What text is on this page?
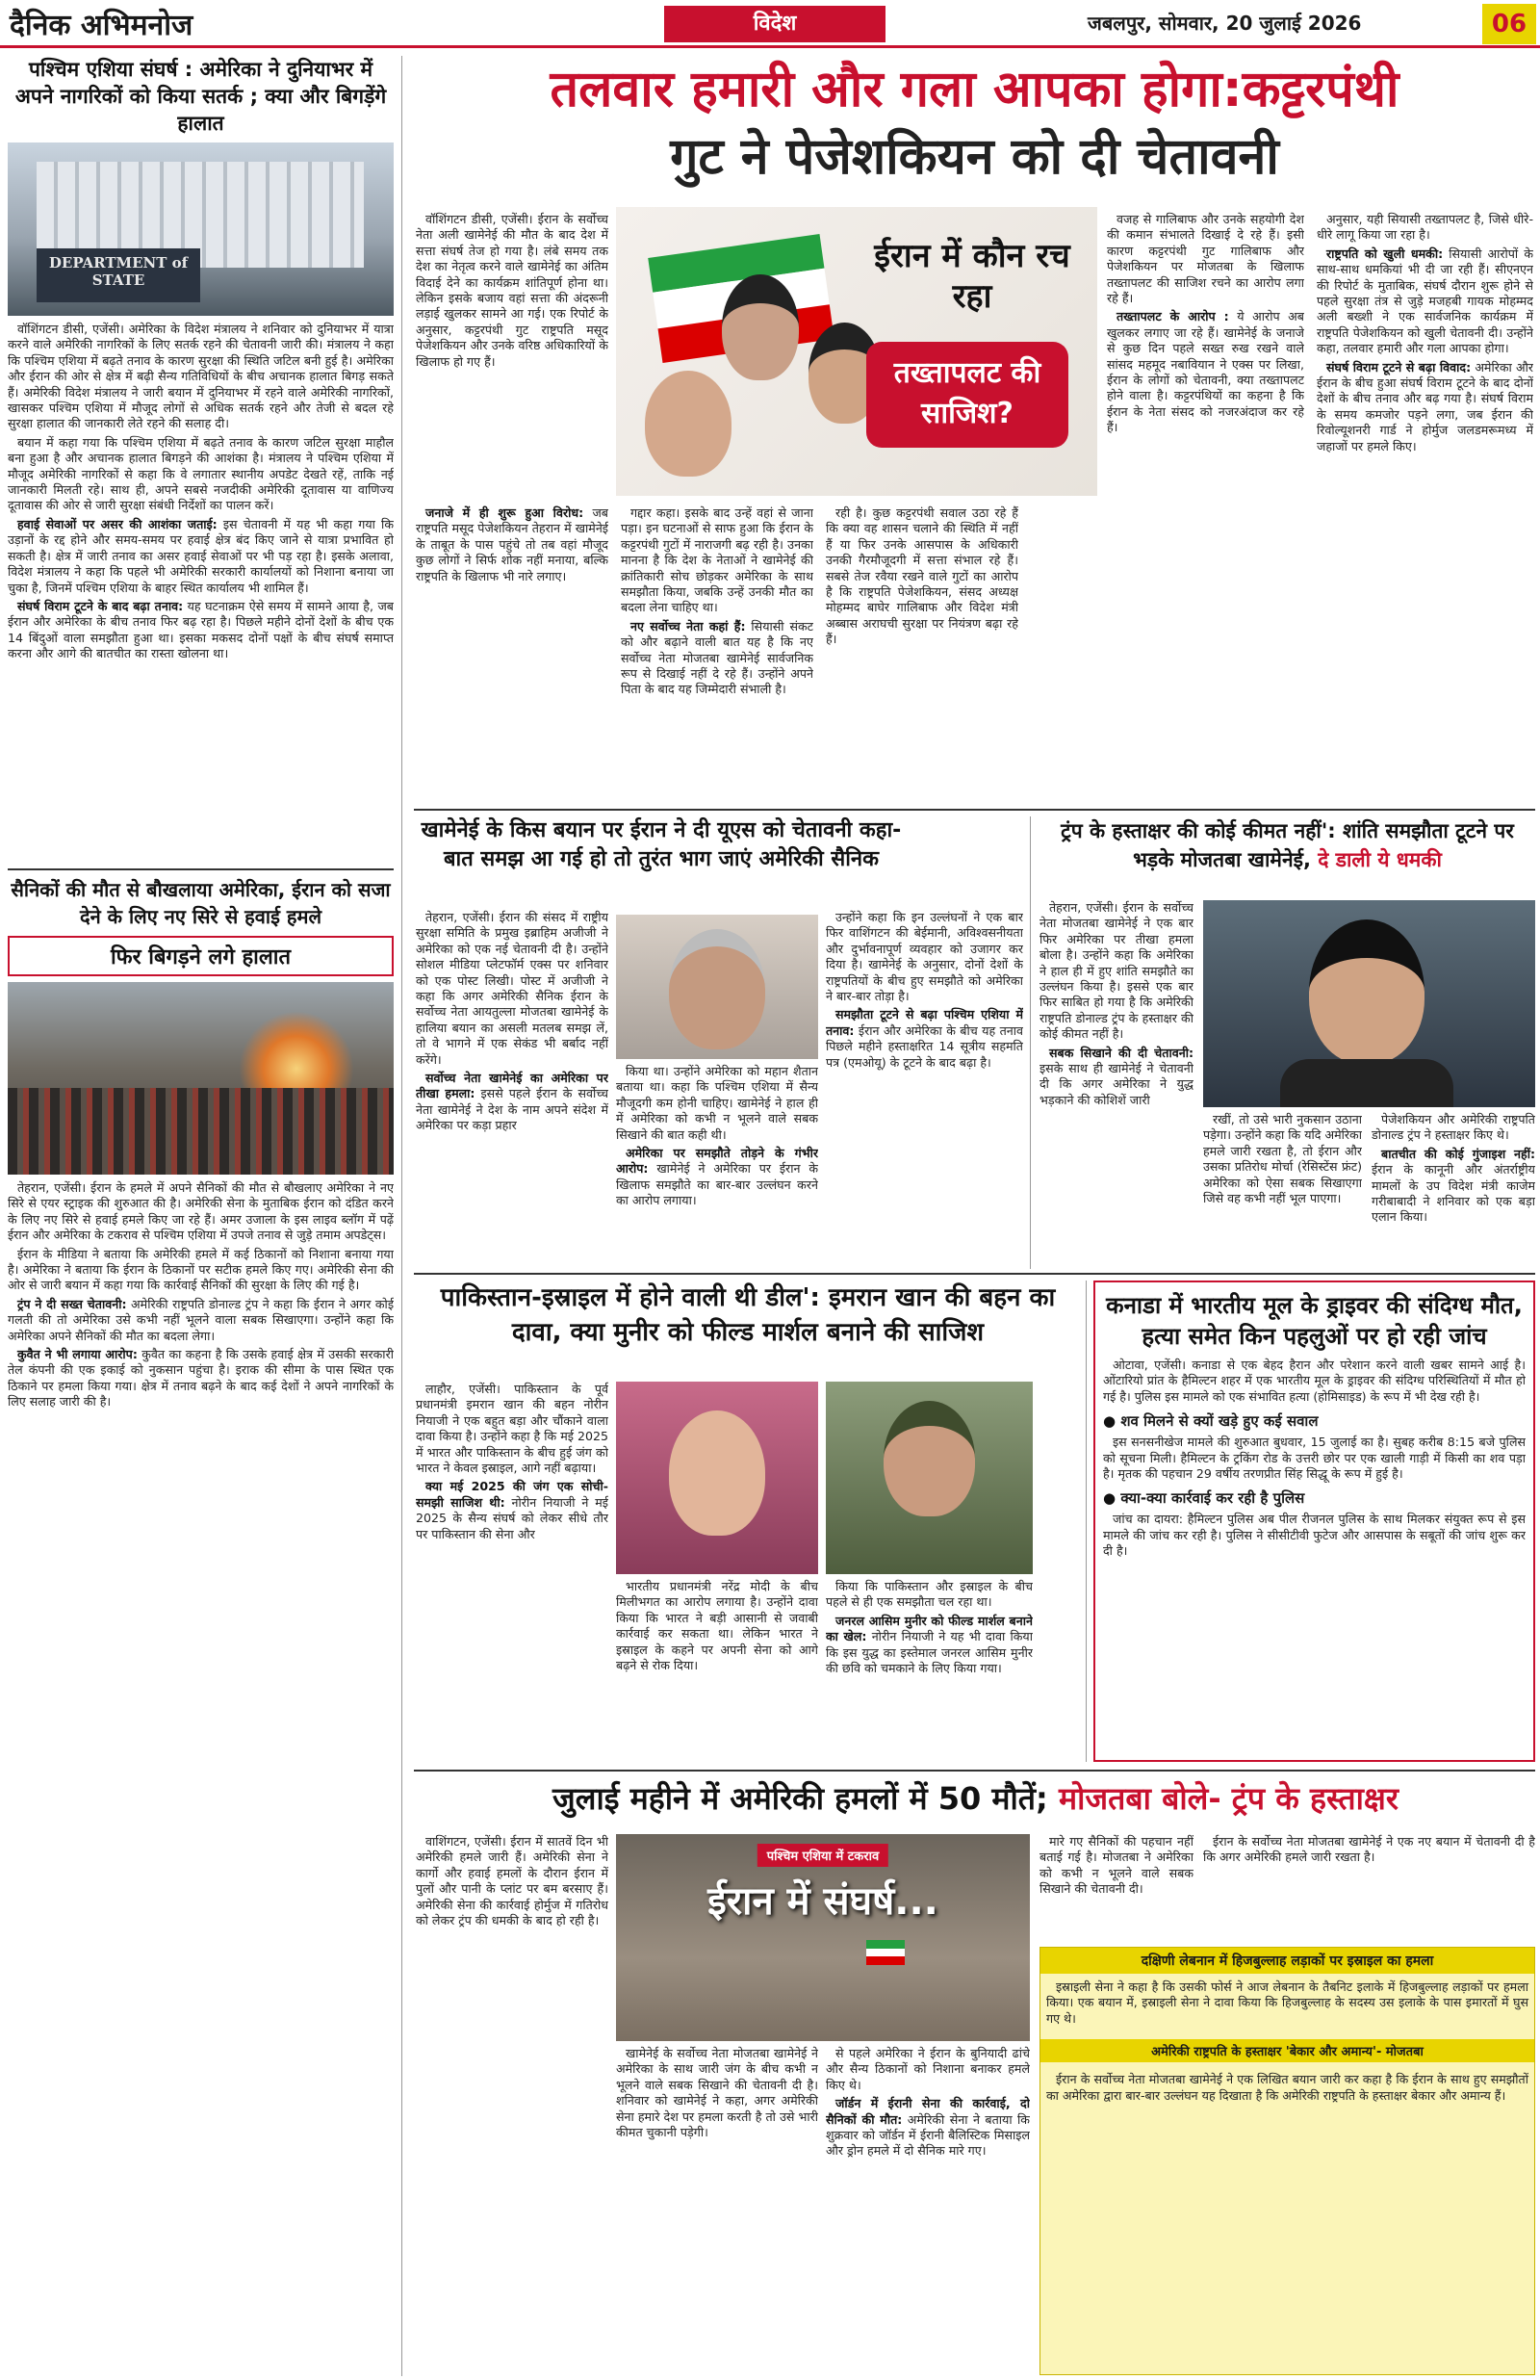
दैनिक अभिमनोज	विदेश	जबलपुर, सोमवार, 20 जुलाई 2026	06
पश्चिम एशिया संघर्ष : अमेरिका ने दुनियाभर में अपने नागरिकों को किया सतर्क ; क्या और बिगड़ेंगे हालात
DEPARTMENT of STATE

वॉशिंगटन डीसी, एजेंसी। अमेरिका के विदेश मंत्रालय ने शनिवार को दुनियाभर में यात्रा करने वाले अमेरिकी नागरिकों के लिए सतर्क रहने की चेतावनी जारी की। मंत्रालय ने कहा कि पश्चिम एशिया में बढ़ते तनाव के कारण सुरक्षा की स्थिति जटिल बनी हुई है। अमेरिका और ईरान की ओर से क्षेत्र में बढ़ी सैन्य गतिविधियों के बीच अचानक हालात बिगड़ सकते हैं। अमेरिकी विदेश मंत्रालय ने जारी बयान में दुनियाभर में रहने वाले अमेरिकी नागरिकों, खासकर पश्चिम एशिया में मौजूद लोगों से अधिक सतर्क रहने और तेजी से बदल रहे सुरक्षा हालात की जानकारी लेते रहने की सलाह दी।

बयान में कहा गया कि पश्चिम एशिया में बढ़ते तनाव के कारण जटिल सुरक्षा माहौल बना हुआ है और अचानक हालात बिगड़ने की आशंका है। मंत्रालय ने पश्चिम एशिया में मौजूद अमेरिकी नागरिकों से कहा कि वे लगातार स्थानीय अपडेट देखते रहें, ताकि नई जानकारी मिलती रहे। साथ ही, अपने सबसे नजदीकी अमेरिकी दूतावास या वाणिज्य दूतावास की ओर से जारी सुरक्षा संबंधी निर्देशों का पालन करें।

हवाई सेवाओं पर असर की आशंका जताई: इस चेतावनी में यह भी कहा गया कि उड़ानों के रद्द होने और समय-समय पर हवाई क्षेत्र बंद किए जाने से यात्रा प्रभावित हो सकती है। क्षेत्र में जारी तनाव का असर हवाई सेवाओं पर भी पड़ रहा है। इसके अलावा, विदेश मंत्रालय ने कहा कि पहले भी अमेरिकी सरकारी कार्यालयों को निशाना बनाया जा चुका है, जिनमें पश्चिम एशिया के बाहर स्थित कार्यालय भी शामिल हैं।

संघर्ष विराम टूटने के बाद बढ़ा तनाव: यह घटनाक्रम ऐसे समय में सामने आया है, जब ईरान और अमेरिका के बीच तनाव फिर बढ़ रहा है। पिछले महीने दोनों देशों के बीच एक 14 बिंदुओं वाला समझौता हुआ था। इसका मकसद दोनों पक्षों के बीच संघर्ष समाप्त करना और आगे की बातचीत का रास्ता खोलना था।

सैनिकों की मौत से बौखलाया अमेरिका, ईरान को सजा देने के लिए नए सिरे से हवाई हमले
फिर बिगड़ने लगे हालात

तेहरान, एजेंसी। ईरान के हमले में अपने सैनिकों की मौत से बौखलाए अमेरिका ने नए सिरे से एयर स्ट्राइक की शुरुआत की है। अमेरिकी सेना के मुताबिक ईरान को दंडित करने के लिए नए सिरे से हवाई हमले किए जा रहे हैं। अमर उजाला के इस लाइव ब्लॉग में पढ़ें ईरान और अमेरिका के टकराव से पश्चिम एशिया में उपजे तनाव से जुड़े तमाम अपडेट्स।

ईरान के मीडिया ने बताया कि अमेरिकी हमले में कई ठिकानों को निशाना बनाया गया है। अमेरिका ने बताया कि ईरान के ठिकानों पर सटीक हमले किए गए। अमेरिकी सेना की ओर से जारी बयान में कहा गया कि कार्रवाई सैनिकों की सुरक्षा के लिए की गई है।

ट्रंप ने दी सख्त चेतावनी: अमेरिकी राष्ट्रपति डोनाल्ड ट्रंप ने कहा कि ईरान ने अगर कोई गलती की तो अमेरिका उसे कभी नहीं भूलने वाला सबक सिखाएगा। उन्होंने कहा कि अमेरिका अपने सैनिकों की मौत का बदला लेगा।

कुवैत ने भी लगाया आरोप: कुवैत का कहना है कि उसके हवाई क्षेत्र में उसकी सरकारी तेल कंपनी की एक इकाई को नुकसान पहुंचा है। इराक की सीमा के पास स्थित एक ठिकाने पर हमला किया गया। क्षेत्र में तनाव बढ़ने के बाद कई देशों ने अपने नागरिकों के लिए सलाह जारी की है।

तलवार हमारी और गला आपका होगा:कट्टरपंथी
गुट ने पेजेशकियन को दी चेतावनी
ईरान में कौन रच रहा
तख्तापलट की साजिश?

वॉशिंगटन डीसी, एजेंसी। ईरान के सर्वोच्च नेता अली खामेनेई की मौत के बाद देश में सत्ता संघर्ष तेज हो गया है। लंबे समय तक देश का नेतृत्व करने वाले खामेनेई का अंतिम विदाई देने का कार्यक्रम शांतिपूर्ण होना था। लेकिन इसके बजाय वहां सत्ता की अंदरूनी लड़ाई खुलकर सामने आ गई। एक रिपोर्ट के अनुसार, कट्टरपंथी गुट राष्ट्रपति मसूद पेजेशकियन और उनके वरिष्ठ अधिकारियों के खिलाफ हो गए हैं।

जनाजे में ही शुरू हुआ विरोध: जब राष्ट्रपति मसूद पेजेशकियन तेहरान में खामेनेई के ताबूत के पास पहुंचे तो तब वहां मौजूद कुछ लोगों ने सिर्फ शोक नहीं मनाया, बल्कि राष्ट्रपति के खिलाफ भी नारे लगाए।

गद्दार कहा। इसके बाद उन्हें वहां से जाना पड़ा। इन घटनाओं से साफ हुआ कि ईरान के कट्टरपंथी गुटों में नाराजगी बढ़ रही है। उनका मानना है कि देश के नेताओं ने खामेनेई की क्रांतिकारी सोच छोड़कर अमेरिका के साथ समझौता किया, जबकि उन्हें उनकी मौत का बदला लेना चाहिए था।

नए सर्वोच्च नेता कहां हैं: सियासी संकट को और बढ़ाने वाली बात यह है कि नए सर्वोच्च नेता मोजतबा खामेनेई सार्वजनिक रूप से दिखाई नहीं दे रहे हैं। उन्होंने अपने पिता के बाद यह जिम्मेदारी संभाली है।

रही है। कुछ कट्टरपंथी सवाल उठा रहे हैं कि क्या वह शासन चलाने की स्थिति में नहीं हैं या फिर उनके आसपास के अधिकारी उनकी गैरमौजूदगी में सत्ता संभाल रहे हैं। सबसे तेज रवैया रखने वाले गुटों का आरोप है कि राष्ट्रपति पेजेशकियन, संसद अध्यक्ष मोहम्मद बाघेर गालिबाफ और विदेश मंत्री अब्बास अराघची सुरक्षा पर नियंत्रण बढ़ा रहे हैं।

वजह से गालिबाफ और उनके सहयोगी देश की कमान संभालते दिखाई दे रहे हैं। इसी कारण कट्टरपंथी गुट गालिबाफ और पेजेशकियन पर मोजतबा के खिलाफ तख्तापलट की साजिश रचने का आरोप लगा रहे हैं।

तख्तापलट के आरोप : ये आरोप अब खुलकर लगाए जा रहे हैं। खामेनेई के जनाजे से कुछ दिन पहले सख्त रुख रखने वाले सांसद महमूद नबावियान ने एक्स पर लिखा, ईरान के लोगों को चेतावनी, क्या तख्तापलट होने वाला है। कट्टरपंथियों का कहना है कि ईरान के नेता संसद को नजरअंदाज कर रहे हैं।

अनुसार, यही सियासी तख्तापलट है, जिसे धीरे-धीरे लागू किया जा रहा है।

राष्ट्रपति को खुली धमकी: सियासी आरोपों के साथ-साथ धमकियां भी दी जा रही हैं। सीएनएन की रिपोर्ट के मुताबिक, संघर्ष दौरान शुरू होने से पहले सुरक्षा तंत्र से जुड़े मजहबी गायक मोहम्मद अली बख्शी ने एक सार्वजनिक कार्यक्रम में राष्ट्रपति पेजेशकियन को खुली चेतावनी दी। उन्होंने कहा, तलवार हमारी और गला आपका होगा।

संघर्ष विराम टूटने से बढ़ा विवाद: अमेरिका और ईरान के बीच हुआ संघर्ष विराम टूटने के बाद दोनों देशों के बीच तनाव और बढ़ गया है। संघर्ष विराम के समय कमजोर पड़ने लगा, जब ईरान की रिवोल्यूशनरी गार्ड ने होर्मुज जलडमरूमध्य में जहाजों पर हमले किए।

खामेनेई के किस बयान पर ईरान ने दी यूएस को चेतावनी कहा- बात समझ आ गई हो तो तुरंत भाग जाएं अमेरिकी सैनिक

तेहरान, एजेंसी। ईरान की संसद में राष्ट्रीय सुरक्षा समिति के प्रमुख इब्राहिम अजीजी ने अमेरिका को एक नई चेतावनी दी है। उन्होंने सोशल मीडिया प्लेटफॉर्म एक्स पर शनिवार को एक पोस्ट लिखी। पोस्ट में अजीजी ने कहा कि अगर अमेरिकी सैनिक ईरान के सर्वोच्च नेता आयतुल्ला मोजतबा खामेनेई के हालिया बयान का असली मतलब समझ लें, तो वे भागने में एक सेकंड भी बर्बाद नहीं करेंगे।

सर्वोच्च नेता खामेनेई का अमेरिका पर तीखा हमला: इससे पहले ईरान के सर्वोच्च नेता खामेनेई ने देश के नाम अपने संदेश में अमेरिका पर कड़ा प्रहार

किया था। उन्होंने अमेरिका को महान शैतान बताया था। कहा कि पश्चिम एशिया में सैन्य मौजूदगी कम होनी चाहिए। खामेनेई ने हाल ही में अमेरिका को कभी न भूलने वाले सबक सिखाने की बात कही थी।

अमेरिका पर समझौते तोड़ने के गंभीर आरोप: खामेनेई ने अमेरिका पर ईरान के खिलाफ समझौते का बार-बार उल्लंघन करने का आरोप लगाया।

उन्होंने कहा कि इन उल्लंघनों ने एक बार फिर वाशिंगटन की बेईमानी, अविश्वसनीयता और दुर्भावनापूर्ण व्यवहार को उजागर कर दिया है। खामेनेई के अनुसार, दोनों देशों के राष्ट्रपतियों के बीच हुए समझौते को अमेरिका ने बार-बार तोड़ा है।

समझौता टूटने से बढ़ा पश्चिम एशिया में तनाव: ईरान और अमेरिका के बीच यह तनाव पिछले महीने हस्ताक्षरित 14 सूत्रीय सहमति पत्र (एमओयू) के टूटने के बाद बढ़ा है।

ट्रंप के हस्ताक्षर की कोई कीमत नहीं': शांति समझौता टूटने पर भड़के मोजतबा खामेनेई, दे डाली ये धमकी

तेहरान, एजेंसी। ईरान के सर्वोच्च नेता मोजतबा खामेनेई ने एक बार फिर अमेरिका पर तीखा हमला बोला है। उन्होंने कहा कि अमेरिका ने हाल ही में हुए शांति समझौते का उल्लंघन किया है। इससे एक बार फिर साबित हो गया है कि अमेरिकी राष्ट्रपति डोनाल्ड ट्रंप के हस्ताक्षर की कोई कीमत नहीं है।

सबक सिखाने की दी चेतावनी: इसके साथ ही खामेनेई ने चेतावनी दी कि अगर अमेरिका ने युद्ध भड़काने की कोशिशें जारी

रखीं, तो उसे भारी नुकसान उठाना पड़ेगा। उन्होंने कहा कि यदि अमेरिका हमले जारी रखता है, तो ईरान और उसका प्रतिरोध मोर्चा (रेसिस्टेंस फ्रंट) अमेरिका को ऐसा सबक सिखाएगा जिसे वह कभी नहीं भूल पाएगा।

पेजेशकियन और अमेरिकी राष्ट्रपति डोनाल्ड ट्रंप ने हस्ताक्षर किए थे।

बातचीत की कोई गुंजाइश नहीं: ईरान के कानूनी और अंतर्राष्ट्रीय मामलों के उप विदेश मंत्री काजेम गरीबाबादी ने शनिवार को एक बड़ा एलान किया।

पाकिस्तान-इस्राइल में होने वाली थी डील': इमरान खान की बहन का दावा, क्या मुनीर को फील्ड मार्शल बनाने की साजिश

लाहौर, एजेंसी। पाकिस्तान के पूर्व प्रधानमंत्री इमरान खान की बहन नोरीन नियाजी ने एक बहुत बड़ा और चौंकाने वाला दावा किया है। उन्होंने कहा है कि मई 2025 में भारत और पाकिस्तान के बीच हुई जंग को भारत ने केवल इस्राइल, आगे नहीं बढ़ाया।

क्या मई 2025 की जंग एक सोची-समझी साजिश थी: नोरीन नियाजी ने मई 2025 के सैन्य संघर्ष को लेकर सीधे तौर पर पाकिस्तान की सेना और

भारतीय प्रधानमंत्री नरेंद्र मोदी के बीच मिलीभगत का आरोप लगाया है। उन्होंने दावा किया कि भारत ने बड़ी आसानी से जवाबी कार्रवाई कर सकता था। लेकिन भारत ने इस्राइल के कहने पर अपनी सेना को आगे बढ़ने से रोक दिया।

किया कि पाकिस्तान और इस्राइल के बीच पहले से ही एक समझौता चल रहा था।

जनरल आसिम मुनीर को फील्ड मार्शल बनाने का खेल: नोरीन नियाजी ने यह भी दावा किया कि इस युद्ध का इस्तेमाल जनरल आसिम मुनीर की छवि को चमकाने के लिए किया गया।

कनाडा में भारतीय मूल के ड्राइवर की संदिग्ध मौत, हत्या समेत किन पहलुओं पर हो रही जांच

ओटावा, एजेंसी। कनाडा से एक बेहद हैरान और परेशान करने वाली खबर सामने आई है। ओंटारियो प्रांत के हैमिल्टन शहर में एक भारतीय मूल के ड्राइवर की संदिग्ध परिस्थितियों में मौत हो गई है। पुलिस इस मामले को एक संभावित हत्या (होमिसाइड) के रूप में भी देख रही है।

● शव मिलने से क्यों खड़े हुए कई सवाल

इस सनसनीखेज मामले की शुरुआत बुधवार, 15 जुलाई का है। सुबह करीब 8:15 बजे पुलिस को सूचना मिली। हैमिल्टन के ट्रकिंग रोड के उत्तरी छोर पर एक खाली गाड़ी में किसी का शव पड़ा है। मृतक की पहचान 29 वर्षीय तरणप्रीत सिंह सिद्धू के रूप में हुई है।

● क्या-क्या कार्रवाई कर रही है पुलिस

जांच का दायरा: हैमिल्टन पुलिस अब पील रीजनल पुलिस के साथ मिलकर संयुक्त रूप से इस मामले की जांच कर रही है। पुलिस ने सीसीटीवी फुटेज और आसपास के सबूतों की जांच शुरू कर दी है।

जुलाई महीने में अमेरिकी हमलों में 50 मौतें; मोजतबा बोले- ट्रंप के हस्ताक्षर
पश्चिम एशिया में टकराव
ईरान में संघर्ष...

वाशिंगटन, एजेंसी। ईरान में सातवें दिन भी अमेरिकी हमले जारी हैं। अमेरिकी सेना ने कार्गो और हवाई हमलों के दौरान ईरान में पुलों और पानी के प्लांट पर बम बरसाए हैं। अमेरिकी सेना की कार्रवाई होर्मुज में गतिरोध को लेकर ट्रंप की धमकी के बाद हो रही है।

खामेनेई के सर्वोच्च नेता मोजतबा खामेनेई ने अमेरिका के साथ जारी जंग के बीच कभी न भूलने वाले सबक सिखाने की चेतावनी दी है। शनिवार को खामेनेई ने कहा, अगर अमेरिकी सेना हमारे देश पर हमला करती है तो उसे भारी कीमत चुकानी पड़ेगी।

से पहले अमेरिका ने ईरान के बुनियादी ढांचे और सैन्य ठिकानों को निशाना बनाकर हमले किए थे।

जॉर्डन में ईरानी सेना की कार्रवाई, दो सैनिकों की मौत: अमेरिकी सेना ने बताया कि शुक्रवार को जॉर्डन में ईरानी बैलिस्टिक मिसाइल और ड्रोन हमले में दो सैनिक मारे गए।

मारे गए सैनिकों की पहचान नहीं बताई गई है। मोजतबा ने अमेरिका को कभी न भूलने वाले सबक सिखाने की चेतावनी दी।

ईरान के सर्वोच्च नेता मोजतबा खामेनेई ने एक नए बयान में चेतावनी दी है कि अगर अमेरिकी हमले जारी रखता है।

दक्षिणी लेबनान में हिजबुल्लाह लड़ाकों पर इस्राइल का हमला

इस्राइली सेना ने कहा है कि उसकी फोर्स ने आज लेबनान के तैबनिट इलाके में हिजबुल्लाह लड़ाकों पर हमला किया। एक बयान में, इस्राइली सेना ने दावा किया कि हिजबुल्लाह के सदस्य उस इलाके के पास इमारतों में घुस गए थे।

अमेरिकी राष्ट्रपति के हस्ताक्षर 'बेकार और अमान्य'- मोजतबा

ईरान के सर्वोच्च नेता मोजतबा खामेनेई ने एक लिखित बयान जारी कर कहा है कि ईरान के साथ हुए समझौतों का अमेरिका द्वारा बार-बार उल्लंघन यह दिखाता है कि अमेरिकी राष्ट्रपति के हस्ताक्षर बेकार और अमान्य हैं।
